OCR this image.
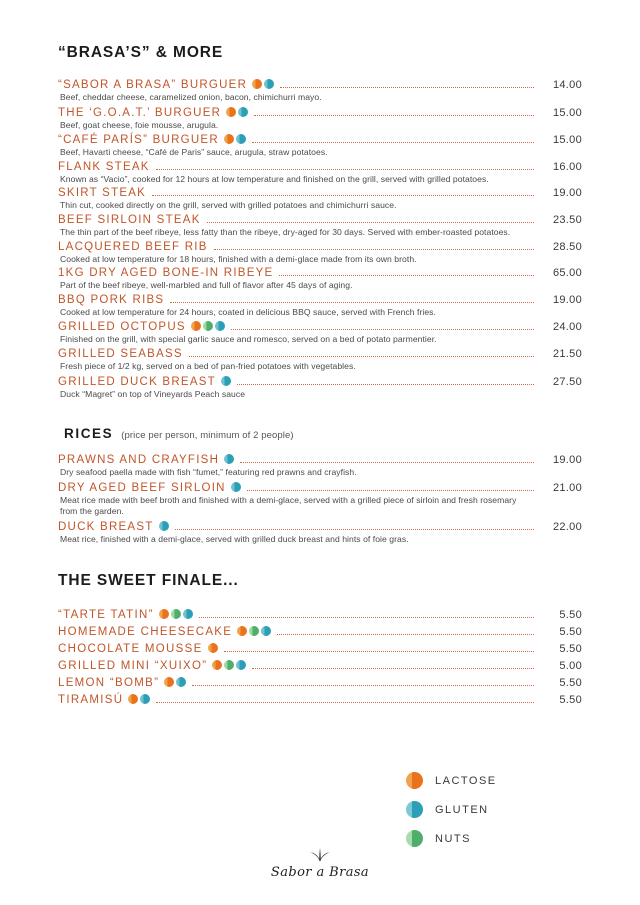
“BRASA’S” & MORE
“SABOR A BRASA” BURGUER	14.00
Beef, cheddar cheese, caramelized onion, bacon, chimichurri mayo.
THE ‘G.O.A.T.’ BURGUER	15.00
Beef, goat cheese, foie mousse, arugula.
“CAFÉ PARÍS” BURGUER	15.00
Beef, Havarti cheese, “Café de Paris” sauce, arugula, straw potatoes.
FLANK STEAK	16.00
Known as “Vacio”, cooked for 12 hours at low temperature and finished on the grill, served with grilled potatoes.
SKIRT STEAK	19.00
Thin cut, cooked directly on the grill, served with grilled potatoes and chimichurri sauce.
BEEF SIRLOIN STEAK	23.50
The thin part of the beef ribeye, less fatty than the ribeye, dry-aged for 30 days. Served with ember-roasted potatoes.
LACQUERED BEEF RIB	28.50
Cooked at low temperature for 18 hours, finished with a demi-glace made from its own broth.
1KG DRY AGED BONE-IN RIBEYE	65.00
Part of the beef ribeye, well-marbled and full of flavor after 45 days of aging.
BBQ PORK RIBS	19.00
Cooked at low temperature for 24 hours, coated in delicious BBQ sauce, served with French fries.
GRILLED OCTOPUS	24.00
Finished on the grill, with special garlic sauce and romesco, served on a bed of potato parmentier.
GRILLED SEABASS	21.50
Fresh piece of 1/2 kg, served on a bed of pan-fried potatoes with vegetables.
GRILLED DUCK BREAST	27.50
Duck “Magret” on top of Vineyards Peach sauce
RICES (price per person, minimum of 2 people)
PRAWNS AND CRAYFISH	19.00
Dry seafood paella made with fish “fumet,” featuring red prawns and crayfish.
DRY AGED BEEF SIRLOIN	21.00
Meat rice made with beef broth and finished with a demi-glace, served with a grilled piece of sirloin and fresh rosemary from the garden.
DUCK BREAST	22.00
Meat rice, finished with a demi-glace, served with grilled duck breast and hints of foie gras.
THE SWEET FINALE...
“TARTE TATIN”	5.50
HOMEMADE CHEESECAKE	5.50
CHOCOLATE MOUSSE	5.50
GRILLED MINI “XUIXO”	5.00
LEMON “BOMB”	5.50
TIRAMISÚ	5.50
LACTOSE
GLUTEN
NUTS
Sabor a Brasa
